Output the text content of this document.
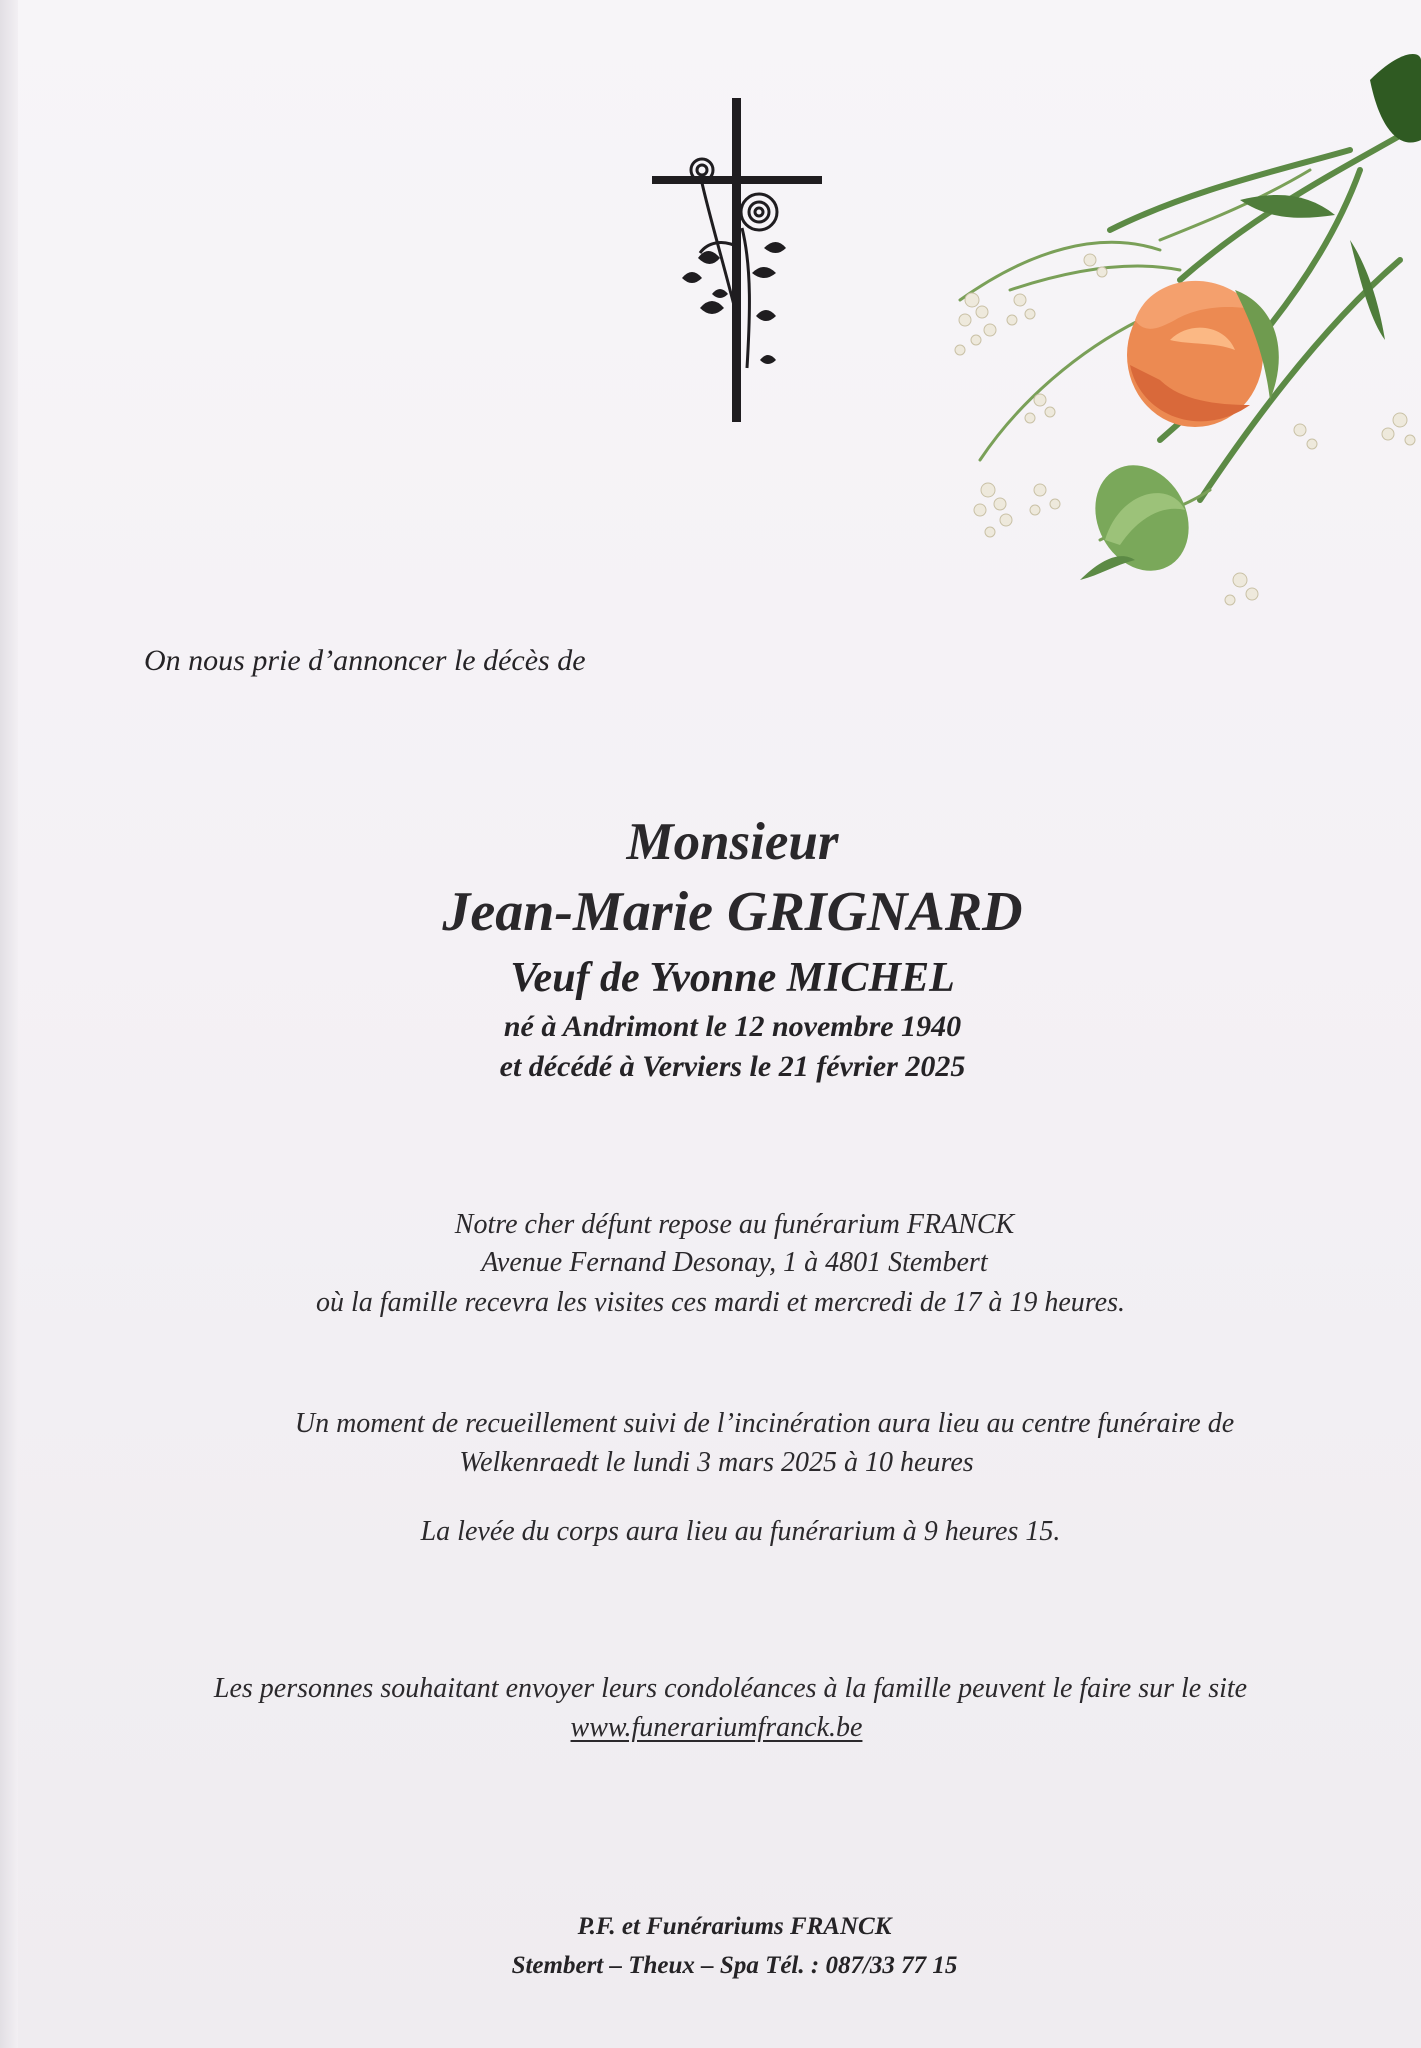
On nous prie d’annoncer le décès de
Monsieur
Jean-Marie GRIGNARD
Veuf de Yvonne MICHEL
né à Andrimont le 12 novembre 1940
et décédé à Verviers le 21 février 2025
Notre cher défunt repose au funérarium FRANCK
Avenue Fernand Desonay, 1 à 4801 Stembert
où la famille recevra les visites ces mardi et mercredi de 17 à 19 heures.
Un moment de recueillement suivi de l’incinération aura lieu au centre funéraire de
Welkenraedt le lundi 3 mars 2025 à 10 heures
La levée du corps aura lieu au funérarium à 9 heures 15.
Les personnes souhaitant envoyer leurs condoléances à la famille peuvent le faire sur le site
www.funerariumfranck.be
P.F. et Funérariums FRANCK
Stembert – Theux – Spa Tél. : 087/33 77 15
